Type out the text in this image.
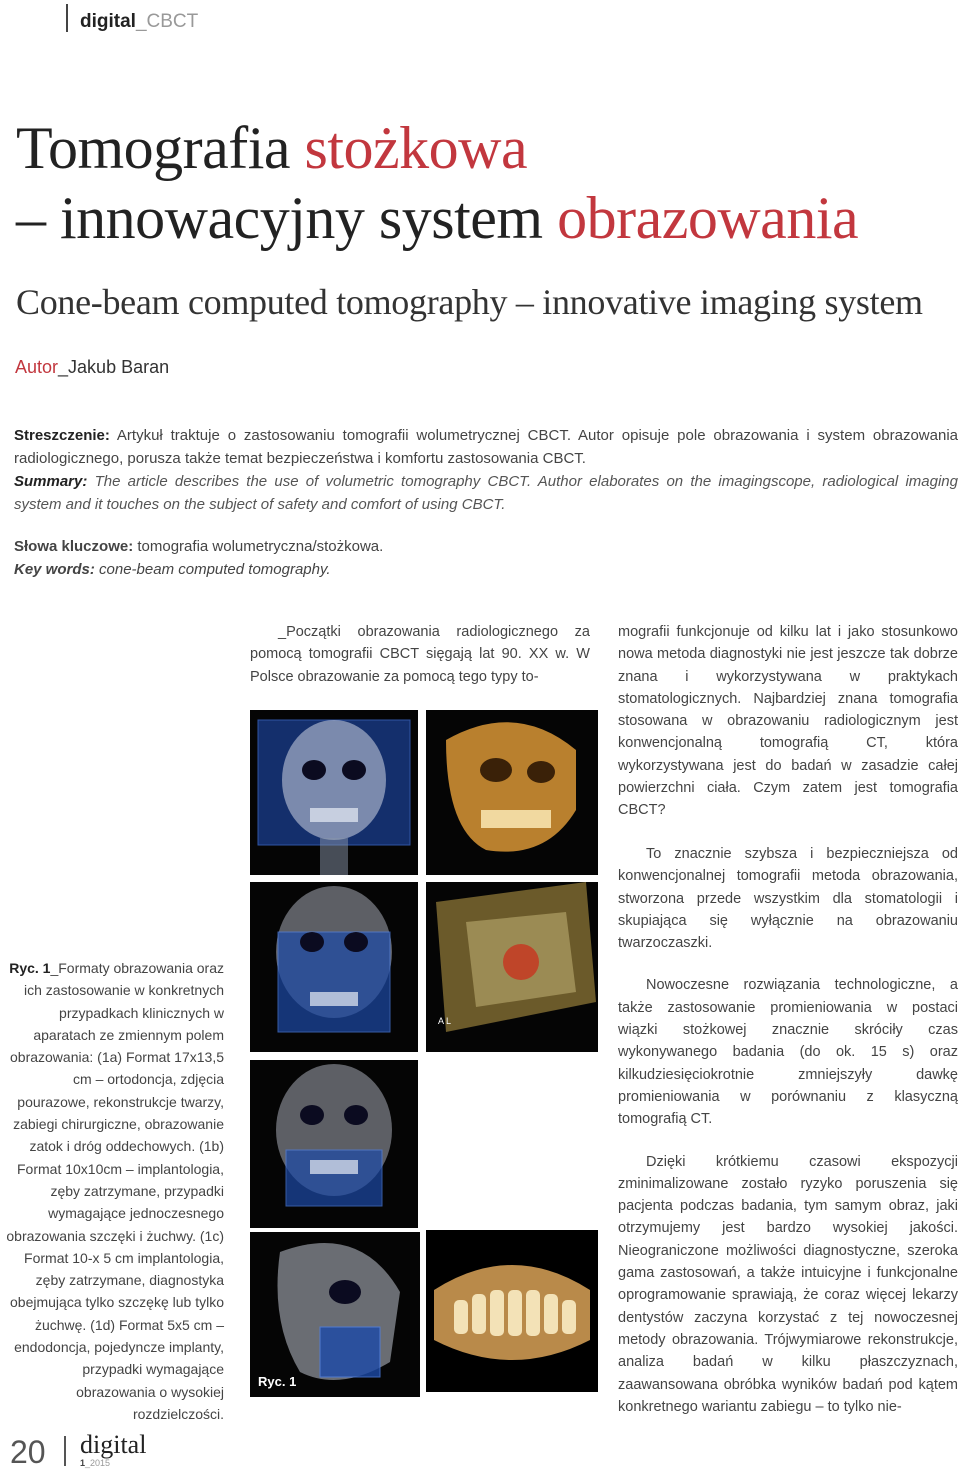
digital_CBCT
Tomografia stożkowa
– innowacyjny system obrazowania
Cone-beam computed tomography – innovative imaging system
Autor_Jakub Baran

Streszczenie: Artykuł traktuje o zastosowaniu tomografii wolumetrycznej CBCT. Autor opisuje pole obrazowania i system obrazowania radiologicznego, porusza także temat bezpieczeństwa i komfortu zastosowania CBCT.

Summary: The article describes the use of volumetric tomography CBCT. Author elaborates on the imagingscope, radiological imaging system and it touches on the subject of safety and comfort of using CBCT.

Słowa kluczowe: tomografia wolumetryczna/stożkowa.

Key words: cone-beam computed tomography.

_Początki obrazowania radiologicznego za pomocą tomografii CBCT sięgają lat 90. XX w. W Polsce obrazowanie za pomocą tego typy to-

mografii funkcjonuje od kilku lat i jako stosunkowo nowa metoda diagnostyki nie jest jeszcze tak dobrze znana i wykorzystywana w praktykach stomatologicznych. Najbardziej znana tomografia stosowana w obrazowaniu radiologicznym jest konwencjonalną tomografią CT, która wykorzystywana jest do badań w zasadzie całej powierzchni ciała. Czym zatem jest tomografia CBCT?

To znacznie szybsza i bezpieczniejsza od konwencjonalnej tomografii metoda obrazowania, stworzona przede wszystkim dla stomatologii i skupiająca się wyłącznie na obrazowaniu twarzoczaszki.

Nowoczesne rozwiązania technologiczne, a także zastosowanie promieniowania w postaci wiązki stożkowej znacznie skróciły czas wykonywanego badania (do ok. 15 s) oraz kilkudziesięciokrotnie zmniejszyły dawkę promieniowania w porównaniu z klasyczną tomografią CT.

Dzięki krótkiemu czasowi ekspozycji zminimalizowane zostało ryzyko poruszenia się pacjenta podczas badania, tym samym obraz, jaki otrzymujemy jest bardzo wysokiej jakości. Nieograniczone możliwości diagnostyczne, szeroka gama zastosowań, a także intuicyjne i funkcjonalne oprogramowanie sprawiają, że coraz więcej lekarzy dentystów zaczyna korzystać z tej nowoczesnej metody obrazowania. Trójwymiarowe rekonstrukcje, analiza badań w kilku płaszczyznach, zaawansowana obróbka wyników badań pod kątem konkretnego wariantu zabiegu – to tylko nie-

Ryc. 1_Formaty obrazowania oraz ich zastosowanie w konkretnych przypadkach klinicznych w aparatach ze zmiennym polem obrazowania: (1a) Format 17x13,5 cm – ortodoncja, zdjęcia pourazowe, rekonstrukcje twarzy, zabiegi chirurgiczne, obrazowanie zatok i dróg oddechowych. (1b) Format 10x10cm – implantologia, zęby zatrzymane, przypadki wymagające jednoczesnego obrazowania szczęki i żuchwy. (1c) Format 10-x 5 cm implantologia, zęby zatrzymane, diagnostyka obejmująca tylko szczękę lub tylko żuchwę. (1d) Format 5x5 cm – endodoncja, pojedyncze implanty, przypadki wymagające obrazowania o wysokiej rozdzielczości.
A L
Ryc. 1
20 digital
1_2015
